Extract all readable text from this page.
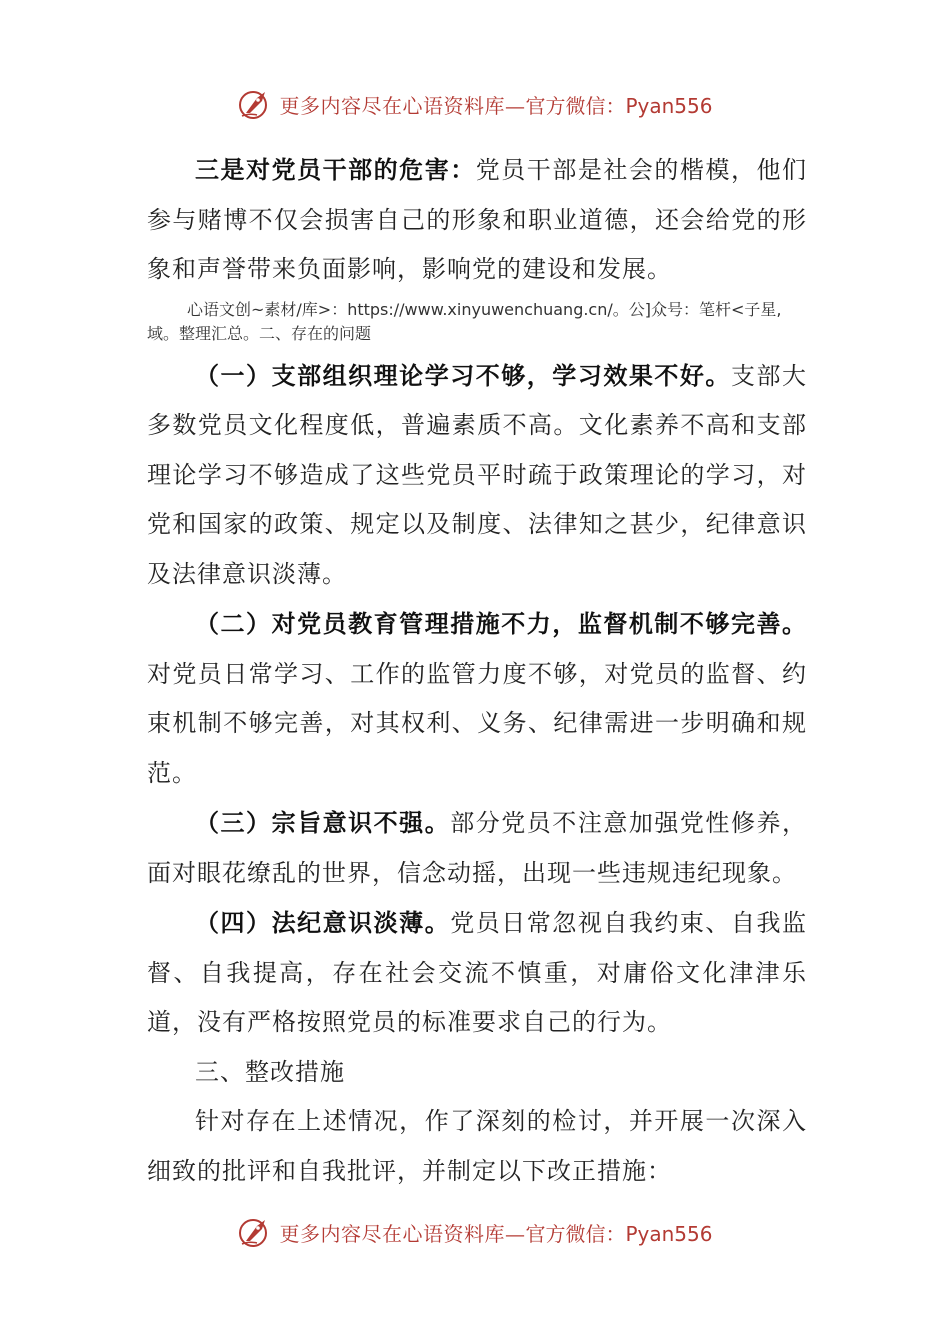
更多内容尽在心语资料库— 官方微信：Pyan556

三是对党员干部的危害：党员干部是社会的楷模，他们参与赌博不仅会损害自己的形象和职业道德，还会给党的形象和声誉带来负面影响，影响党的建设和发展。

心语文创~素材/库>：https://www.xinyuwenchuang.cn/。公]众号：笔杆<子星,域。整理汇总。二、存在的问题

（一）支部组织理论学习不够，学习效果不好。支部大多数党员文化程度低，普遍素质不高。文化素养不高和支部理论学习不够造成了这些党员平时疏于政策理论的学习，对党和国家的政策、规定以及制度、法律知之甚少，纪律意识及法律意识淡薄。

（二）对党员教育管理措施不力，监督机制不够完善。对党员日常学习、工作的监管力度不够，对党员的监督、约束机制不够完善，对其权利、义务、纪律需进一步明确和规范。

（三）宗旨意识不强。部分党员不注意加强党性修养，面对眼花缭乱的世界，信念动摇，出现一些违规违纪现象。

（四）法纪意识淡薄。党员日常忽视自我约束、自我监督、自我提高，存在社会交流不慎重，对庸俗文化津津乐道，没有严格按照党员的标准要求自己的行为。

三、整改措施

针对存在上述情况，作了深刻的检讨，并开展一次深入细致的批评和自我批评，并制定以下改正措施：

更多内容尽在心语资料库— 官方微信：Pyan556
